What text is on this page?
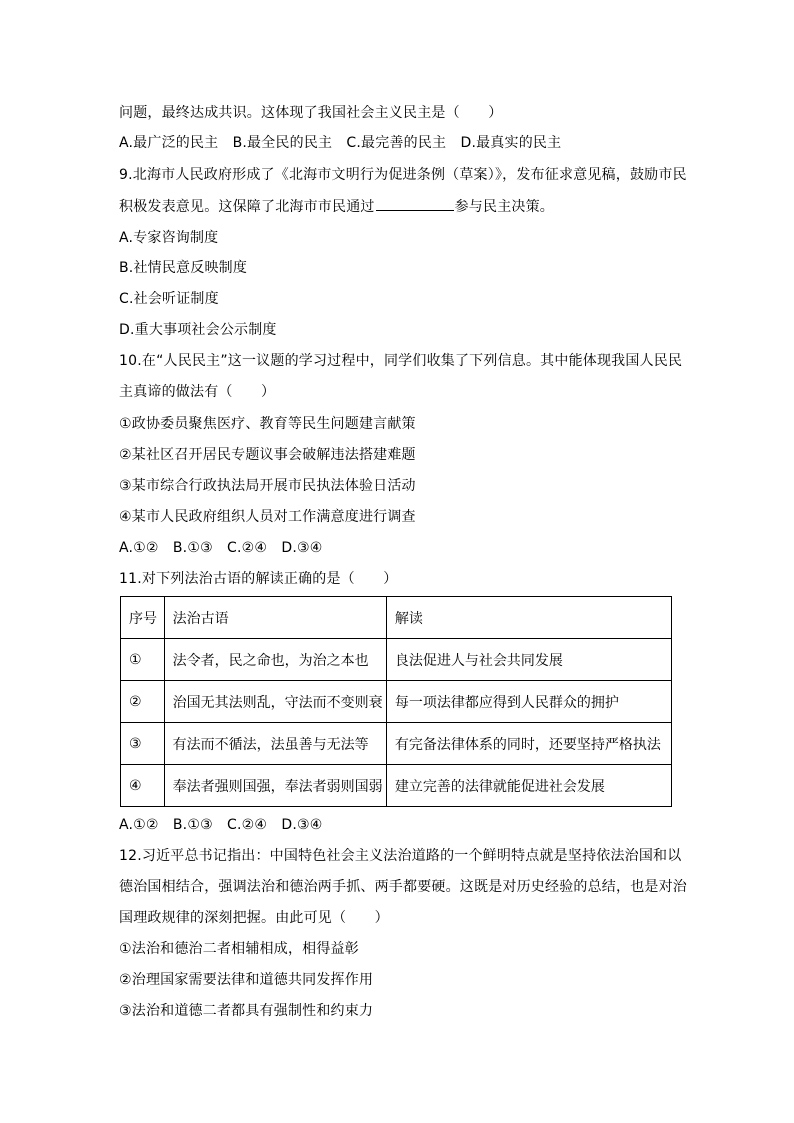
问题，最终达成共识。这体现了我国社会主义民主是（　　）
A.最广泛的民主　B.最全民的民主　C.最完善的民主　D.最真实的民主
9.北海市人民政府形成了《北海市文明行为促进条例（草案）》，发布征求意见稿，鼓励市民
积极发表意见。这保障了北海市市民通过	参与民主决策。
A.专家咨询制度
B.社情民意反映制度
C.社会听证制度
D.重大事项社会公示制度
10.在“人民民主”这一议题的学习过程中，同学们收集了下列信息。其中能体现我国人民民
主真谛的做法有（　　）
①政协委员聚焦医疗、教育等民生问题建言献策
②某社区召开居民专题议事会破解违法搭建难题
③某市综合行政执法局开展市民执法体验日活动
④某市人民政府组织人员对工作满意度进行调查
A.①②　B.①③　C.②④　D.③④
11.对下列法治古语的解读正确的是（　　）
序号	法治古语	解读
①	法令者，民之命也，为治之本也	良法促进人与社会共同发展
②	治国无其法则乱，守法而不变则衰	每一项法律都应得到人民群众的拥护
③	有法而不循法，法虽善与无法等	有完备法律体系的同时，还要坚持严格执法
④	奉法者强则国强，奉法者弱则国弱	建立完善的法律就能促进社会发展
A.①②　B.①③　C.②④　D.③④
12.习近平总书记指出：中国特色社会主义法治道路的一个鲜明特点就是坚持依法治国和以
德治国相结合，强调法治和德治两手抓、两手都要硬。这既是对历史经验的总结，也是对治
国理政规律的深刻把握。由此可见（　　）
①法治和德治二者相辅相成，相得益彰
②治理国家需要法律和道德共同发挥作用
③法治和道德二者都具有强制性和约束力
